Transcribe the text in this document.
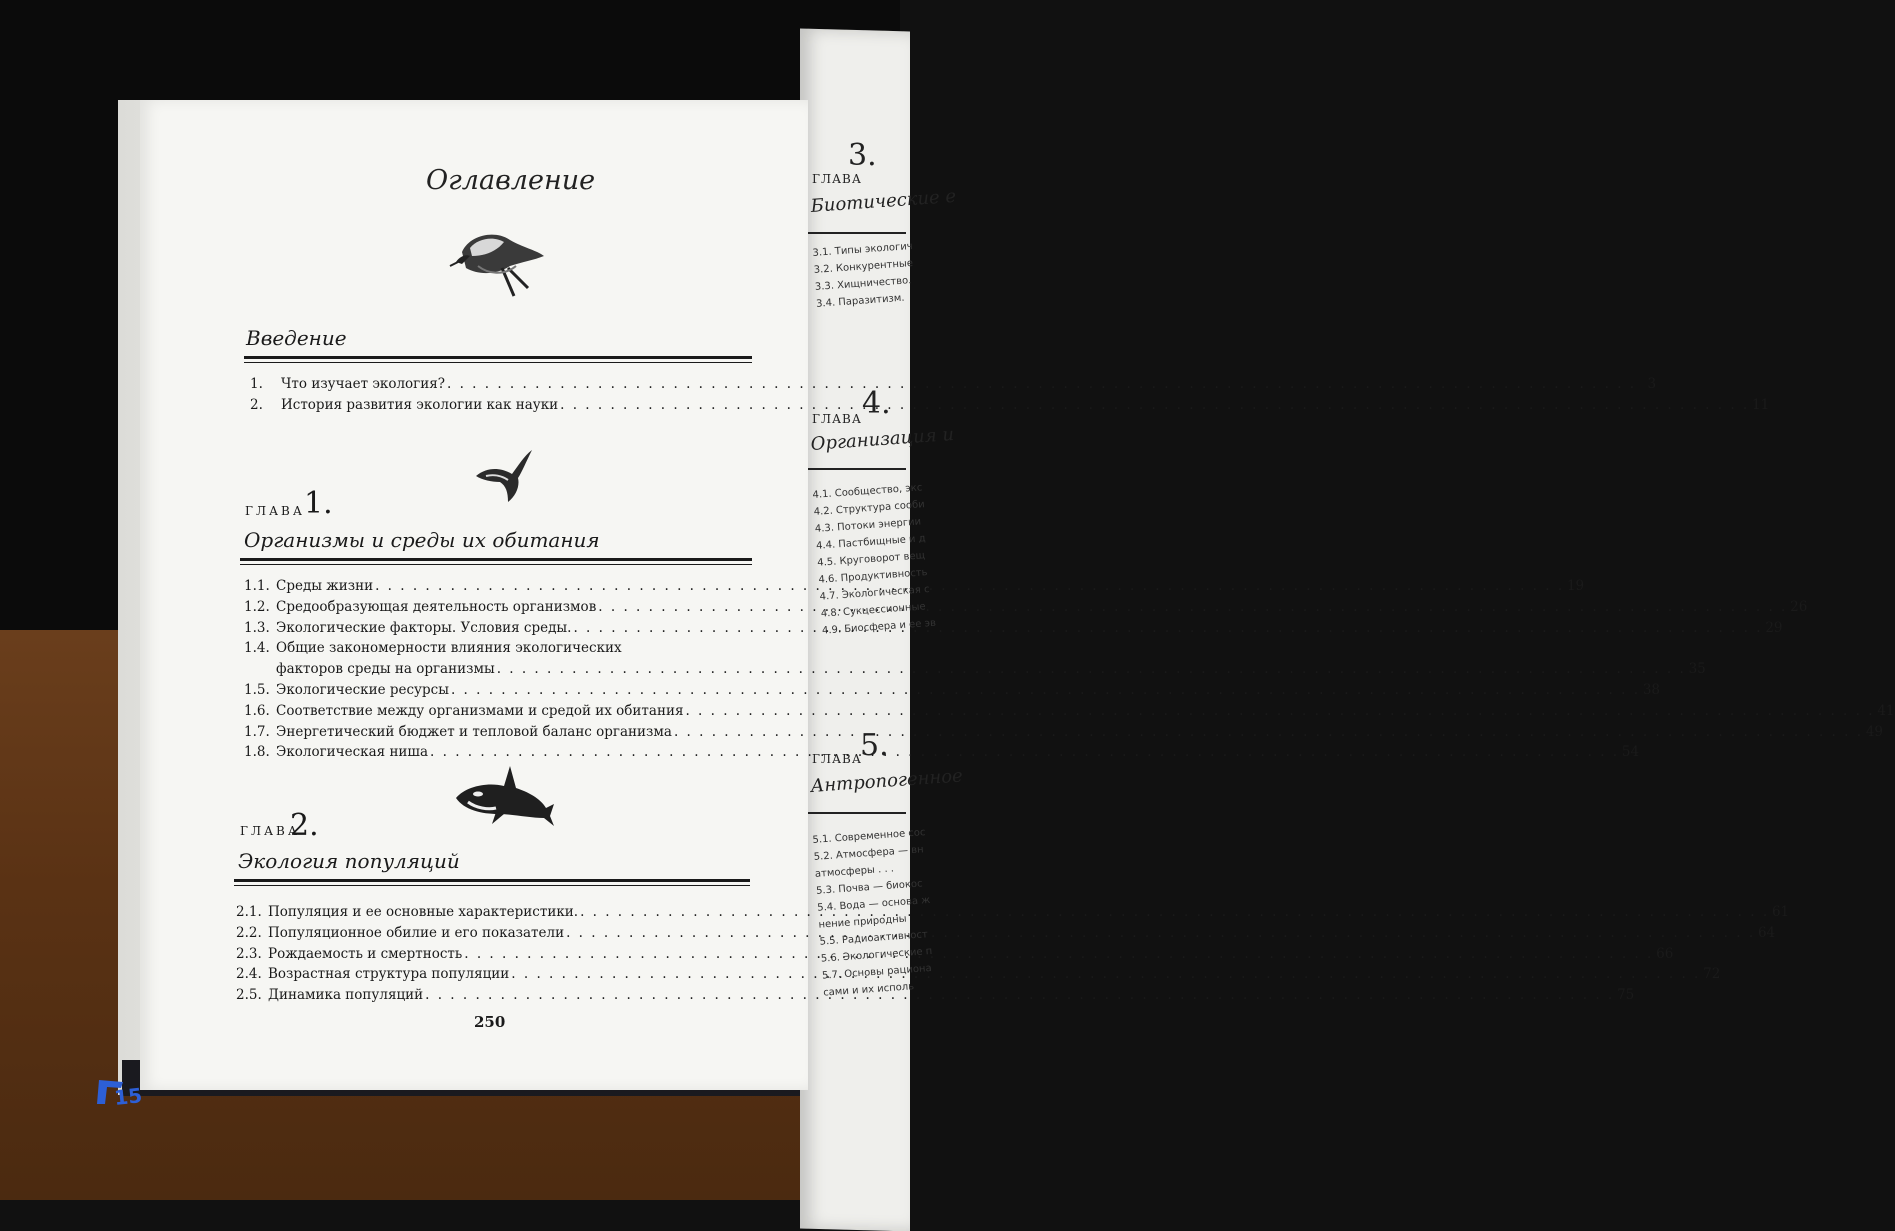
ГЛАВА
3.
Биотические е
3.1. Типы экологич
3.2. Конкурентные
3.3. Хищничество.
3.4. Паразитизм.
ГЛАВА 4.
Организация и
4.1. Сообщество, экс
4.2. Структура сооби
4.3. Потоки энергии
4.4. Пастбищные и д
4.5. Круговорот вещ
4.6. Продуктивность
4.7. Экологическая с
4.8. Сукцессионные
4.9. Биосфера и ее эв
ГЛАВА
5.
Антропогенное
5.1. Современное сос
5.2. Атмосфера — вн
атмосферы . . .
5.3. Почва — биокос
5.4. Вода — основа ж
нение природны
5.5. Радиоактивност
5.6. Экологические п
5.7. Основы рациона
сами и их исполь
Оглавление
Введение
1.	Что изучает экология? . . .	3
2.	История развития экологии как науки . . .	11
ГЛАВА 1.
Организмы и среды их обитания
1.1. Среды жизни . . .	19
1.2. Средообразующая деятельность организмов . . .	26
1.3. Экологические факторы. Условия среды. . . .	29
1.4. Общие закономерности влияния экологических
факторов среды на организмы . . .	35
1.5. Экологические ресурсы . . .	38
1.6. Соответствие между организмами и средой их обитания . . .	41
1.7. Энергетический бюджет и тепловой баланс организма . . .	49
1.8. Экологическая ниша . . .	54
ГЛАВА
2.
Экология популяций
2.1. Популяция и ее основные характеристики. . . .	61
2.2. Популяционное обилие и его показатели . . .	64
2.3. Рождаемость и смертность . . .	66
2.4. Возрастная структура популяции . . .	72
2.5. Динамика популяций . . .	75
250
15
